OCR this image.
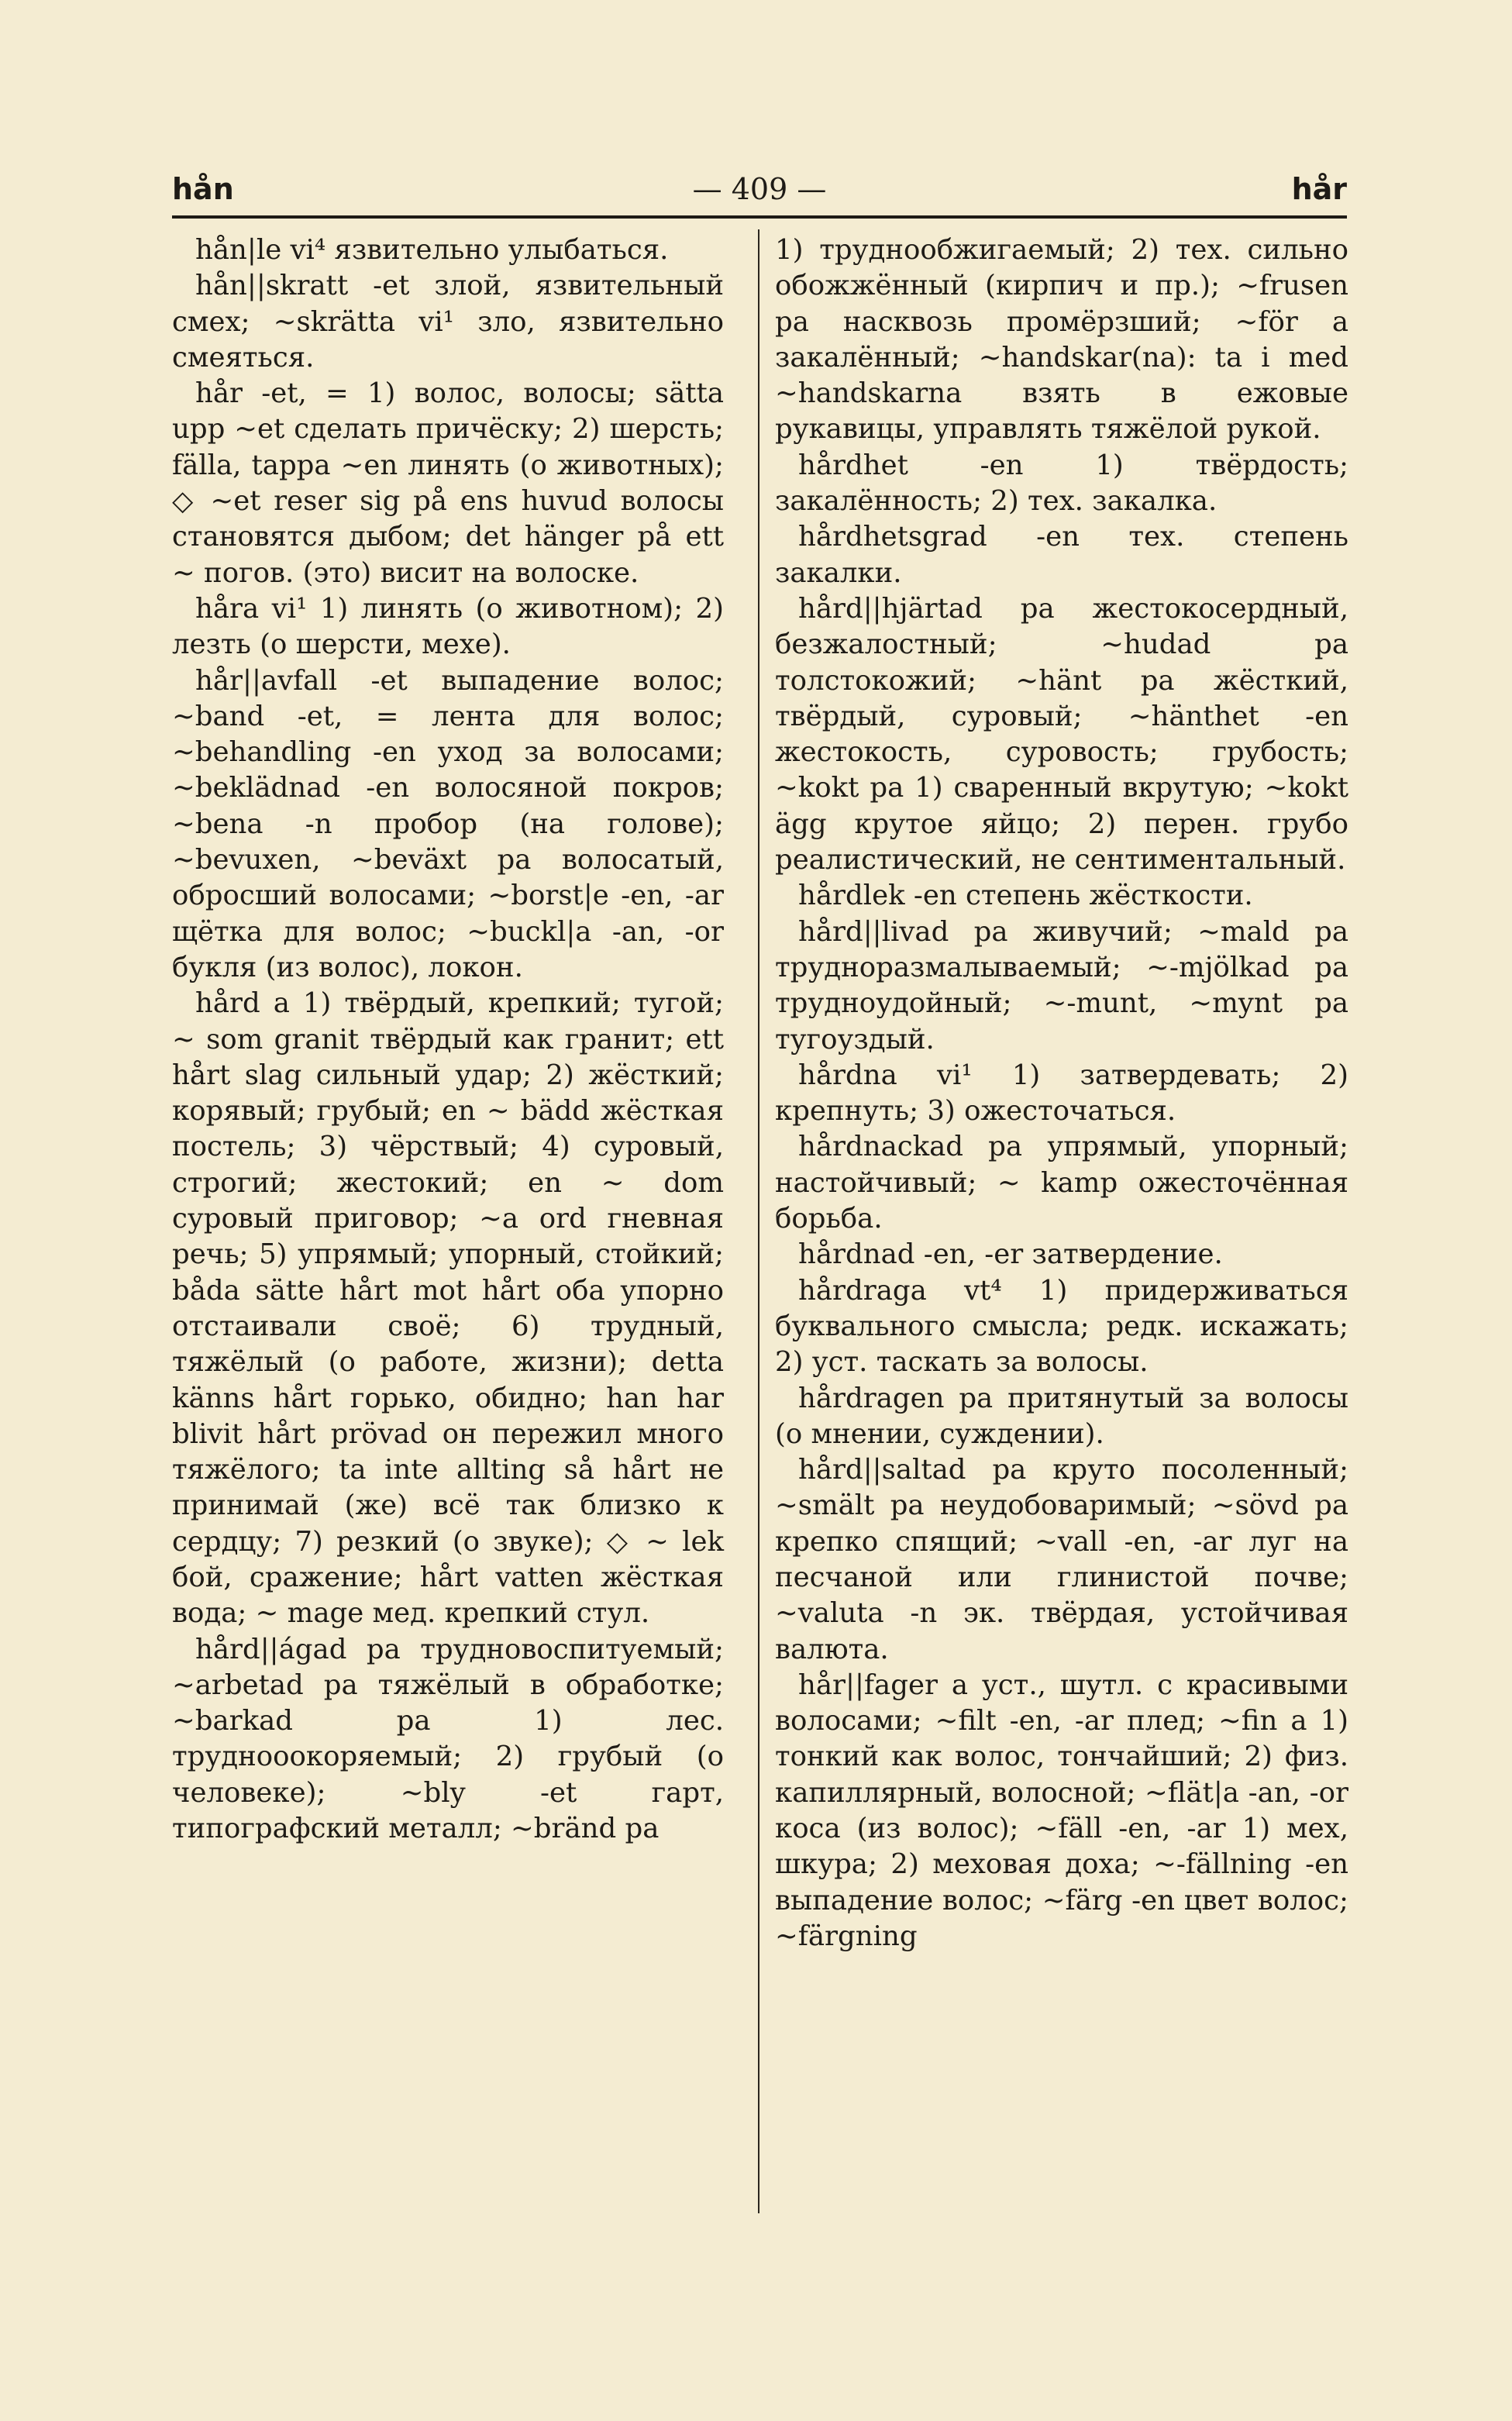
hån	— 409 —	hår

hån|le vi⁴ язвительно улыбаться.

hån||skratt -et злой, язвительный смех; ~skrätta vi¹ зло, язвительно смеяться.

hår -et, = 1) волос, волосы; sätta upp ~et сделать причёску; 2) шерсть; fälla, tappa ~en линять (о животных); ◇ ~et reser sig på ens huvud волосы становятся дыбом; det hänger på ett ~ погов. (это) висит на волоске.

håra vi¹ 1) линять (о животном); 2) лезть (о шерсти, мехе).

hår||avfall -et выпадение волос; ~band -et, = лента для волос; ~behandling -en уход за волосами; ~beklädnad -en волосяной покров; ~bena -n пробор (на голове); ~bevuxen, ~beväxt pa волосатый, обросший волосами; ~borst|e -en, -ar щётка для волос; ~buckl|a -an, -or букля (из волос), локон.

hård a 1) твёрдый, крепкий; тугой; ~ som granit твёрдый как гранит; ett hårt slag сильный удар; 2) жёсткий; корявый; грубый; en ~ bädd жёсткая постель; 3) чёрствый; 4) суровый, строгий; жестокий; en ~ dom суровый приговор; ~a ord гневная речь; 5) упрямый; упорный, стойкий; båda sätte hårt mot hårt оба упорно отстаивали своё; 6) трудный, тяжёлый (о работе, жизни); detta känns hårt горько, обидно; han har blivit hårt prövad он пережил много тяжёлого; ta inte allting så hårt не принимай (же) всё так близко к сердцу; 7) резкий (о звуке); ◇ ~ lek бой, сражение; hårt vatten жёсткая вода; ~ mage мед. крепкий стул.

hård||ágad pa трудновоспитуемый; ~arbetad pa тяжёлый в обработке; ~barkad pa 1) лес. труднооокоряемый; 2) грубый (о человеке); ~bly -et гарт, типографский металл; ~bränd pa

1) труднообжигаемый; 2) тех. сильно обожжённый (кирпич и пр.); ~frusen pa насквозь промёрзший; ~för a закалённый; ~handskar(na): ta i med ~handskarna взять в ежовые рукавицы, управлять тяжёлой рукой.

hårdhet -en 1) твёрдость; закалённость; 2) тех. закалка.

hårdhetsgrad -en тех. степень закалки.

hård||hjärtad pa жестокосердный, безжалостный; ~hudad pa толстокожий; ~hänt pa жёсткий, твёрдый, суровый; ~hänthet -en жестокость, суровость; грубость; ~kokt pa 1) сваренный вкрутую; ~kokt ägg крутое яйцо; 2) перен. грубо реалистический, не сентиментальный.

hårdlek -en степень жёсткости.

hård||livad pa живучий; ~mald pa трудноразмалываемый; ~-mjölkad pa трудноудойный; ~-munt, ~mynt pa тугоуздый.

hårdna vi¹ 1) затвердевать; 2) крепнуть; 3) ожесточаться.

hårdnackad pa упрямый, упорный; настойчивый; ~ kamp ожесточённая борьба.

hårdnad -en, -er затвердение.

hårdraga vt⁴ 1) придерживаться буквального смысла; редк. искажать; 2) уст. таскать за волосы.

hårdragen pa притянутый за волосы (о мнении, суждении).

hård||saltad pa круто посоленный; ~smält pa неудобоваримый; ~sövd pa крепко спящий; ~vall -en, -ar луг на песчаной или глинистой почве; ~valuta -n эк. твёрдая, устойчивая валюта.

hår||fager a уст., шутл. с красивыми волосами; ~filt -en, -ar плед; ~fin a 1) тонкий как волос, тончайший; 2) физ. капиллярный, волосной; ~flät|a -an, -or коса (из волос); ~fäll -en, -ar 1) мех, шкура; 2) меховая доха; ~-fällning -en выпадение волос; ~färg -en цвет волос; ~färgning
